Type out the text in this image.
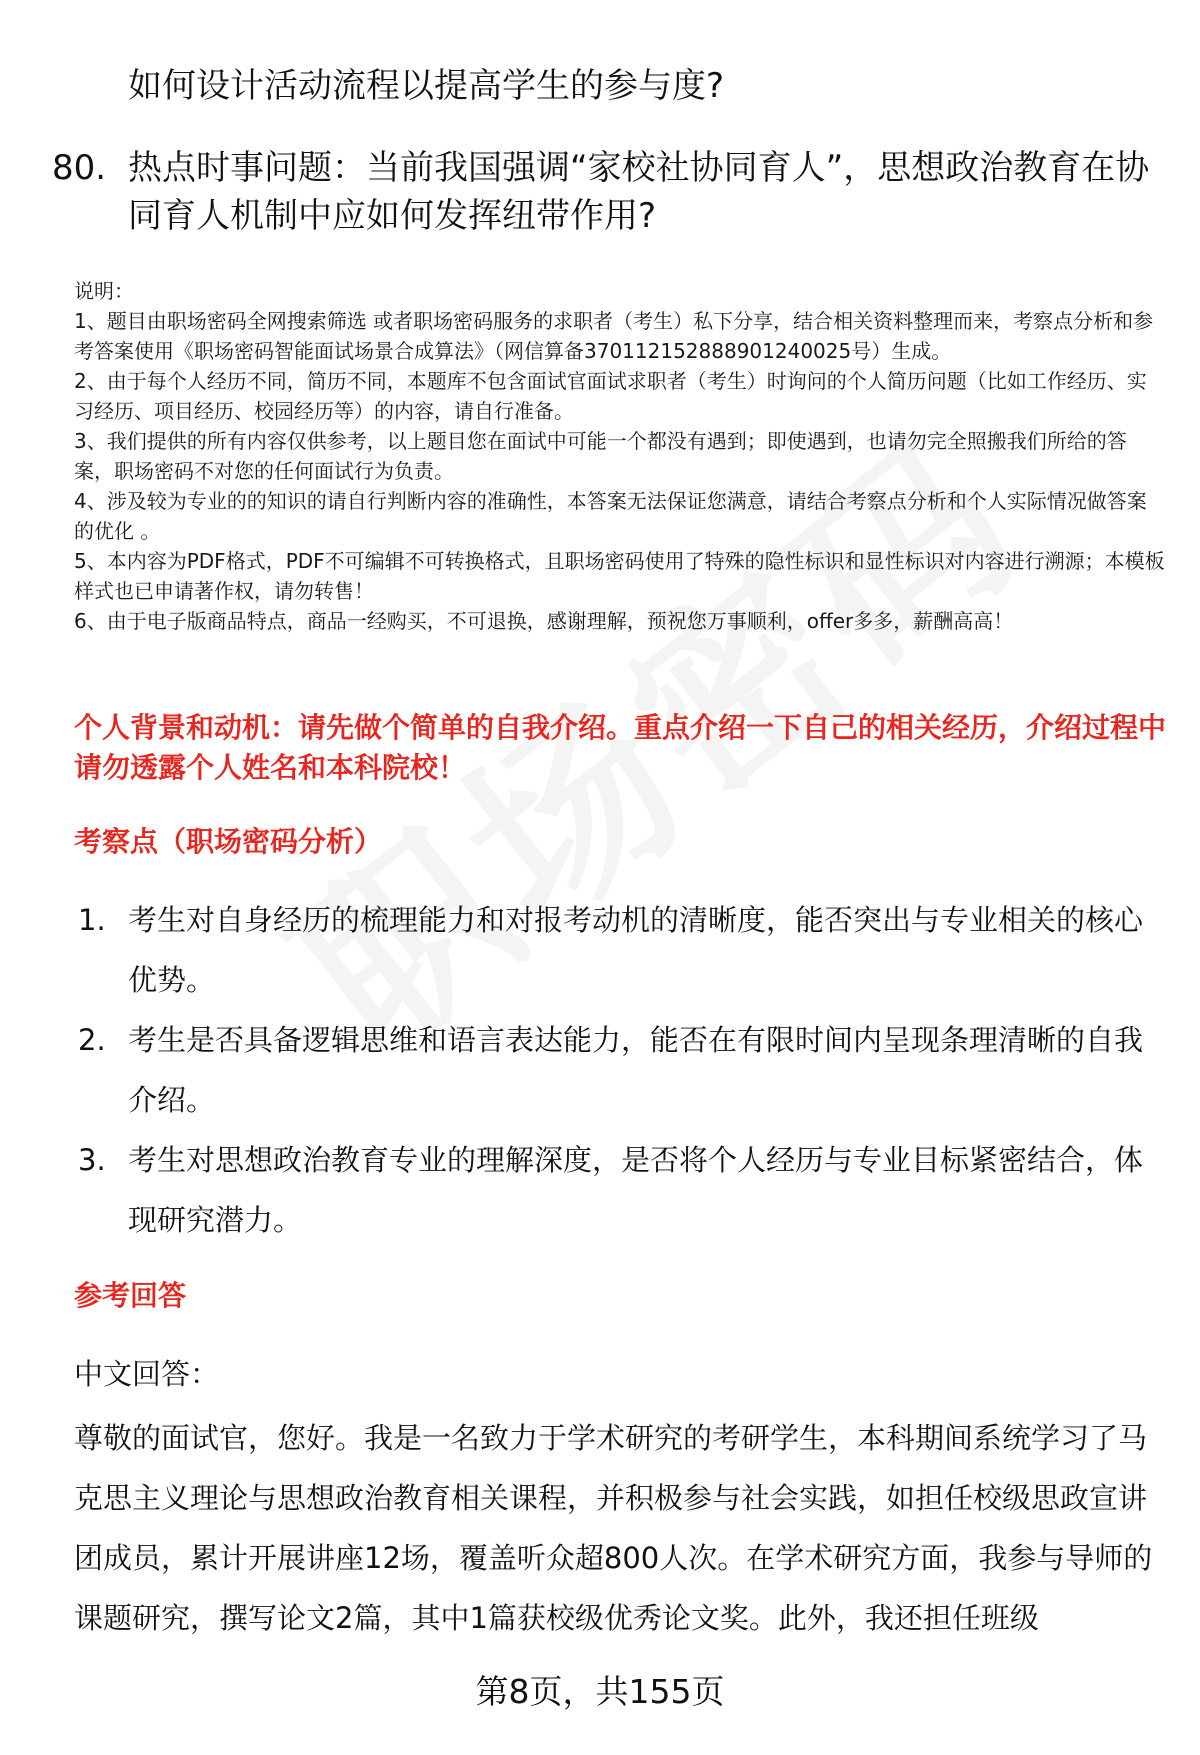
如何设计活动流程以提高学生的参与度?
80. 热点时事问题：当前我国强调“家校社协同育人”，思想政治教育在协同育人机制中应如何发挥纽带作用?

说明：

1、题目由职场密码全网搜索筛选 或者职场密码服务的求职者（考生）私下分享，结合相关资料整理而来，考察点分析和参考答案使用《职场密码智能面试场景合成算法》（网信算备370112152888901240025号）生成。

2、由于每个人经历不同，简历不同，本题库不包含面试官面试求职者（考生）时询问的个人简历问题（比如工作经历、实习经历、项目经历、校园经历等）的内容，请自行准备。

3、我们提供的所有内容仅供参考，以上题目您在面试中可能一个都没有遇到；即使遇到，也请勿完全照搬我们所给的答案，职场密码不对您的任何面试行为负责。

4、涉及较为专业的的知识的请自行判断内容的准确性，本答案无法保证您满意，请结合考察点分析和个人实际情况做答案的优化 。

5、本内容为PDF格式，PDF不可编辑不可转换格式，且职场密码使用了特殊的隐性标识和显性标识对内容进行溯源；本模板样式也已申请著作权，请勿转售！

6、由于电子版商品特点，商品一经购买，不可退换，感谢理解，预祝您万事顺利，offer多多，薪酬高高！

个人背景和动机：请先做个简单的自我介绍。重点介绍一下自己的相关经历，介绍过程中请勿透露个人姓名和本科院校！
考察点（职场密码分析）
1. 考生对自身经历的梳理能力和对报考动机的清晰度，能否突出与专业相关的核心优势。
2. 考生是否具备逻辑思维和语言表达能力，能否在有限时间内呈现条理清晰的自我介绍。
3. 考生对思想政治教育专业的理解深度，是否将个人经历与专业目标紧密结合，体现研究潜力。
参考回答
中文回答：
尊敬的面试官，您好。我是一名致力于学术研究的考研学生，本科期间系统学习了马克思主义理论与思想政治教育相关课程，并积极参与社会实践，如担任校级思政宣讲团成员，累计开展讲座12场，覆盖听众超800人次。在学术研究方面，我参与导师的课题研究，撰写论文2篇，其中1篇获校级优秀论文奖。此外，我还担任班级
第8页，共155页
